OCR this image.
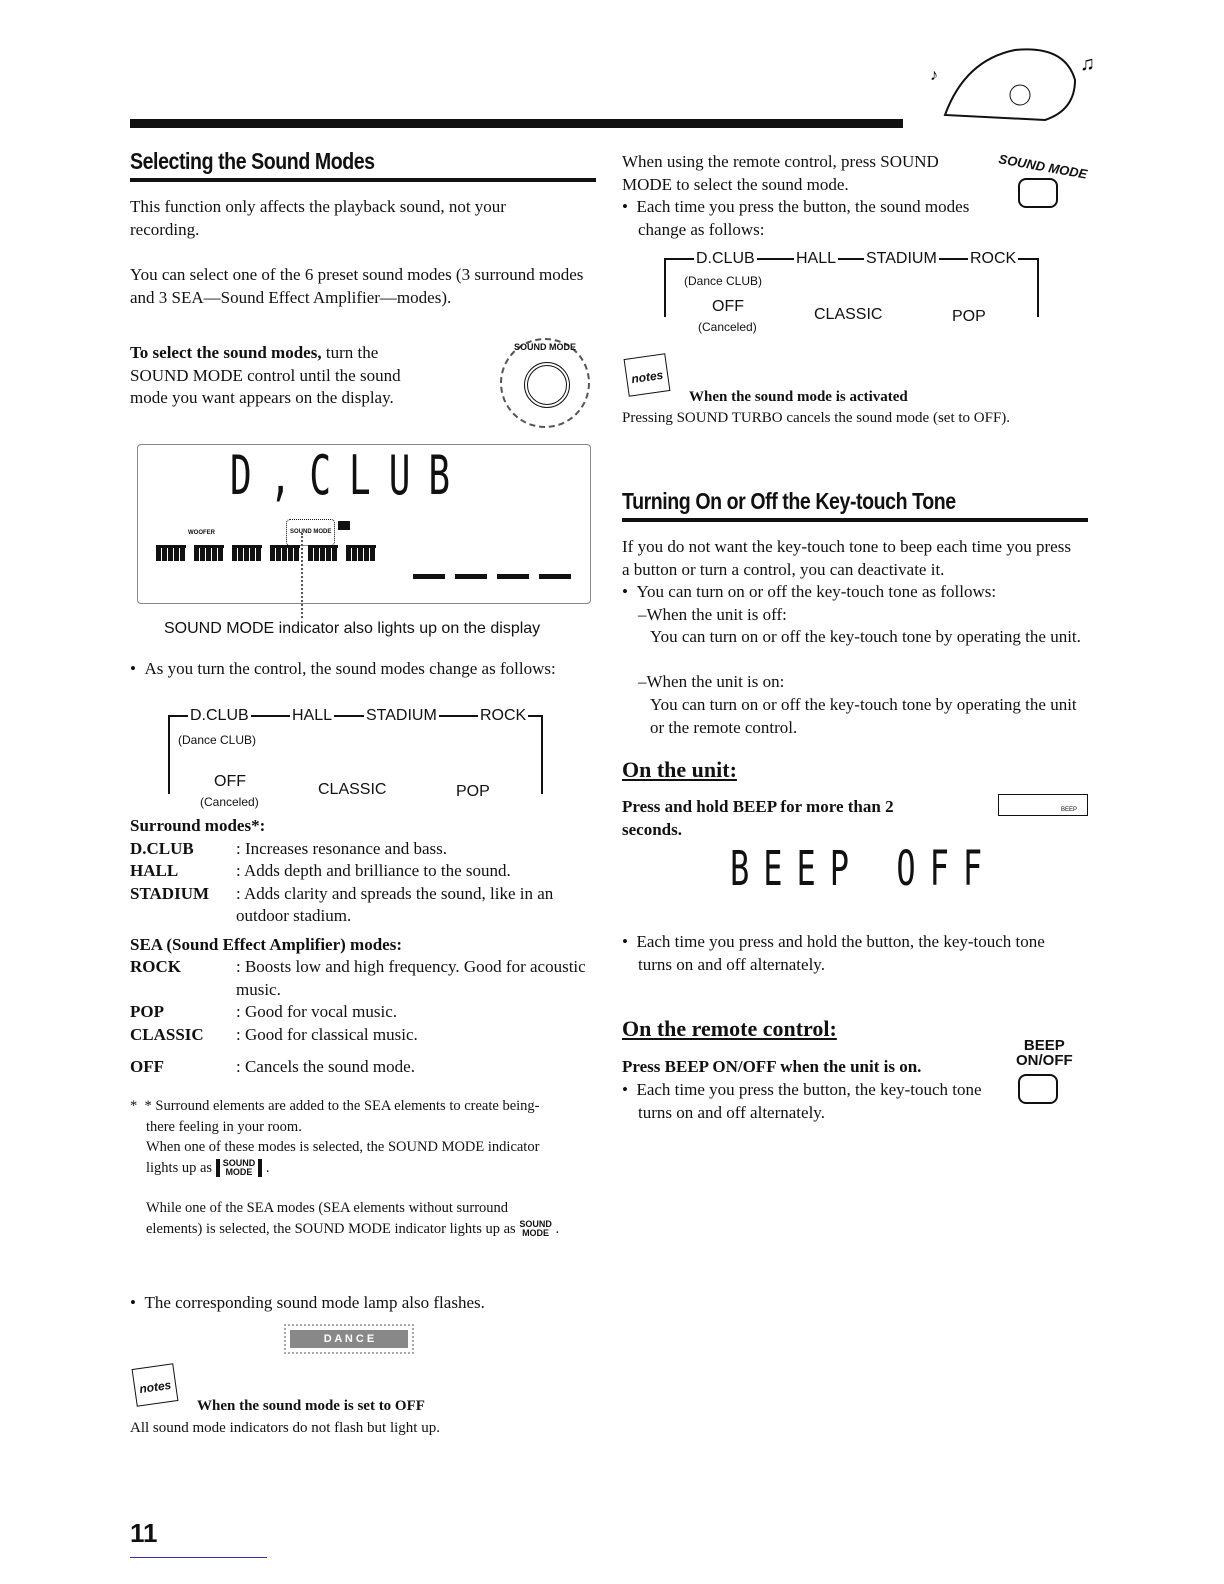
♫
♪
Selecting the Sound Modes
This function only affects the playback sound, not your recording.
You can select one of the 6 preset sound modes (3 surround modes and 3 SEA—Sound Effect Amplifier—modes).
To select the sound modes, turn the SOUND MODE control until the sound mode you want appears on the display.
SOUND MODE
D,CLUB
WOOFER	SOUND MODE
SOUND MODE indicator also lights up on the display
•  As you turn the control, the sound modes change as follows:
D.CLUB
(Dance CLUB)
HALL STADIUM	ROCK
OFF
(Canceled)
CLASSIC	POP
Surround modes*:
D.CLUB	: Increases resonance and bass.
HALL	: Adds depth and brilliance to the sound.
STADIUM	: Adds clarity and spreads the sound, like in an outdoor stadium.
SEA (Sound Effect Amplifier) modes:
ROCK	: Boosts low and high frequency. Good for acoustic music.
POP	: Good for vocal music.
CLASSIC	: Good for classical music.
OFF	: Cancels the sound mode.
*  * Surround elements are added to the SEA elements to create being-there feeling in your room.
When one of these modes is selected, the SOUND MODE indicator lights up as SOUND
MODE .
While one of the SEA modes (SEA elements without surround elements) is selected, the SOUND MODE indicator lights up as SOUND
MODE .
•  The corresponding sound mode lamp also flashes.
D A N C E
notes
When the sound mode is set to OFF
All sound mode indicators do not flash but light up.
11
When using the remote control, press SOUND MODE to select the sound mode.
•  Each time you press the button, the sound modes change as follows:
SOUND MODE
D.CLUB
(Dance CLUB)
HALL STADIUM ROCK
OFF
(Canceled)
CLASSIC	POP
notes
When the sound mode is activated
Pressing SOUND TURBO cancels the sound mode (set to OFF).
Turning On or Off the Key-touch Tone
If you do not want the key-touch tone to beep each time you press a button or turn a control, you can deactivate it.
•  You can turn on or off the key-touch tone as follows:
–When the unit is off:
You can turn on or off the key-touch tone by operating the unit.
–When the unit is on:
You can turn on or off the key-touch tone by operating the unit or the remote control.
On the unit:
Press and hold BEEP for more than 2 seconds.
BEEP
BEEP OFF
•  Each time you press and hold the button, the key-touch tone turns on and off alternately.
On the remote control:
Press BEEP ON/OFF when the unit is on.
•  Each time you press the button, the key-touch tone turns on and off alternately.
BEEP
ON/OFF
